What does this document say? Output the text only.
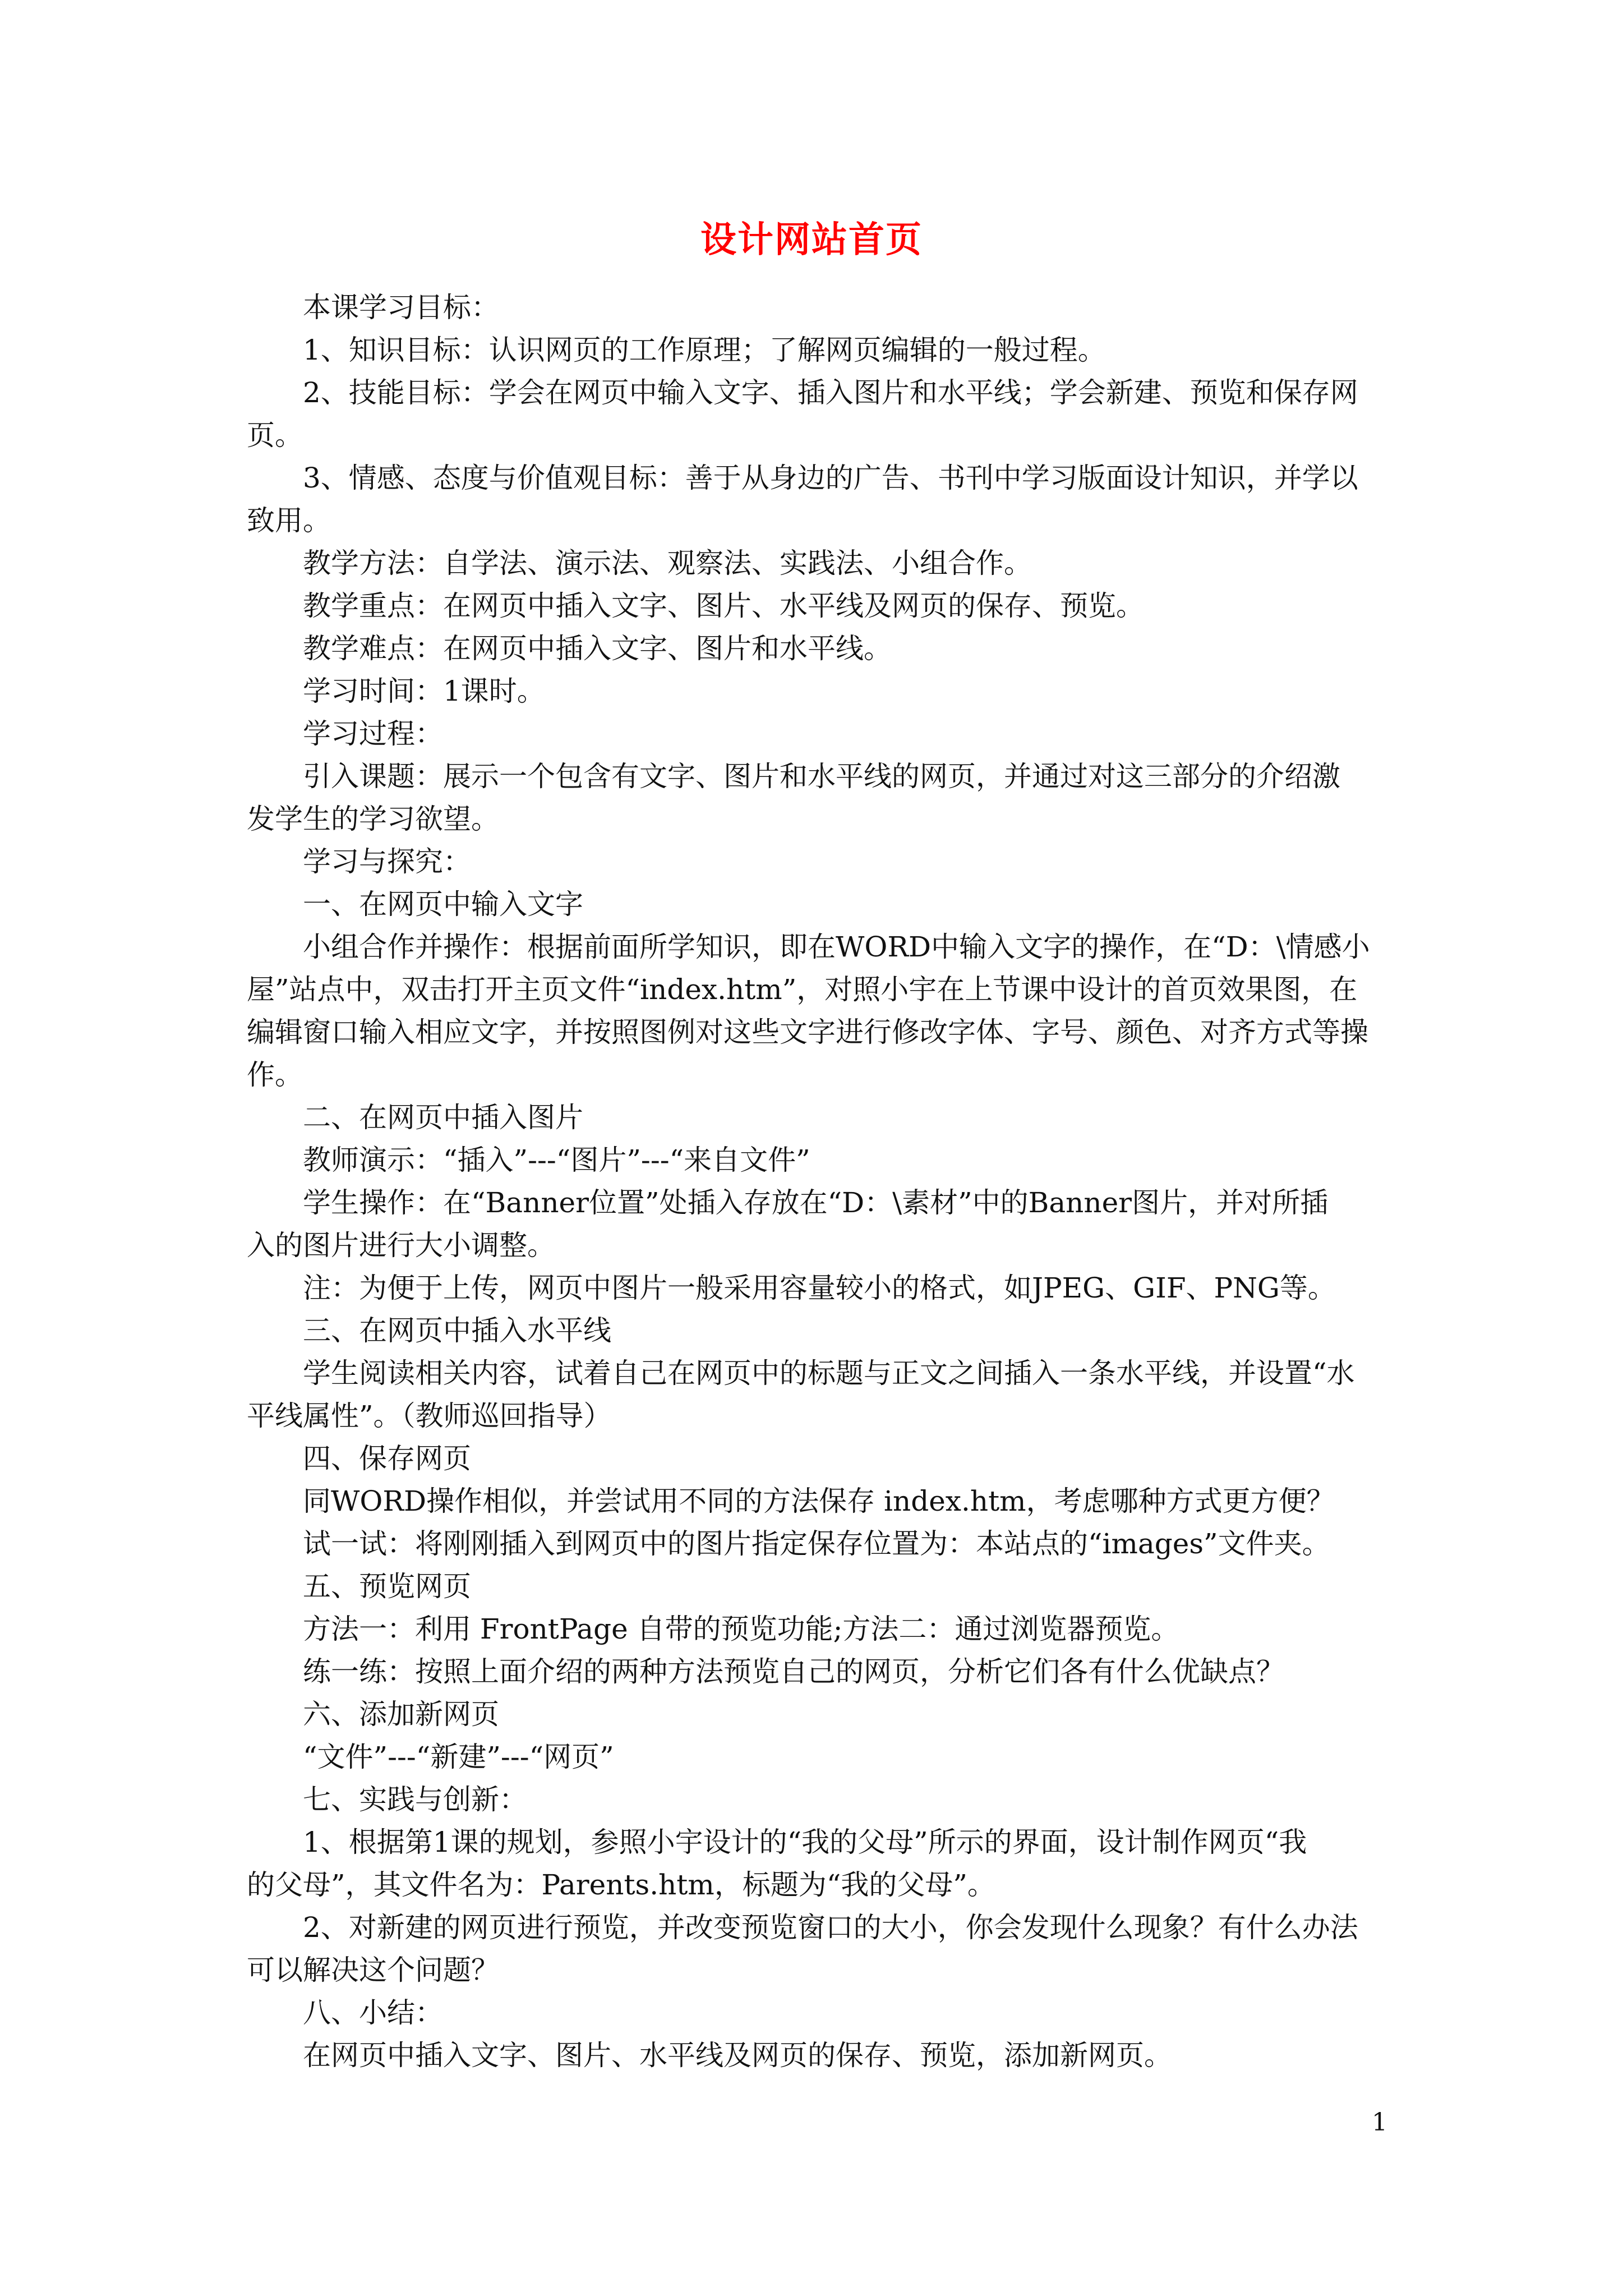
设计网站首页
本课学习目标：
1、知识目标：认识网页的工作原理；了解网页编辑的一般过程。
2、技能目标：学会在网页中输入文字、插入图片和水平线；学会新建、预览和保存网
页。
3、情感、态度与价值观目标：善于从身边的广告、书刊中学习版面设计知识，并学以
致用。
教学方法：自学法、演示法、观察法、实践法、小组合作。
教学重点：在网页中插入文字、图片、水平线及网页的保存、预览。
教学难点：在网页中插入文字、图片和水平线。
学习时间：1课时。
学习过程：
引入课题：展示一个包含有文字、图片和水平线的网页，并通过对这三部分的介绍激
发学生的学习欲望。
学习与探究：
一、在网页中输入文字
小组合作并操作：根据前面所学知识，即在WORD中输入文字的操作，在“D：\情感小
屋”站点中，双击打开主页文件“index.htm”，对照小宇在上节课中设计的首页效果图，在
编辑窗口输入相应文字，并按照图例对这些文字进行修改字体、字号、颜色、对齐方式等操
作。
二、在网页中插入图片
教师演示：“插入”---“图片”---“来自文件”
学生操作：在“Banner位置”处插入存放在“D：\素材”中的Banner图片，并对所插
入的图片进行大小调整。
注：为便于上传，网页中图片一般采用容量较小的格式，如JPEG、GIF、PNG等。
三、在网页中插入水平线
学生阅读相关内容，试着自己在网页中的标题与正文之间插入一条水平线，并设置“水
平线属性”。（教师巡回指导）
四、保存网页
同WORD操作相似，并尝试用不同的方法保存 index.htm，考虑哪种方式更方便？
试一试：将刚刚插入到网页中的图片指定保存位置为：本站点的“images”文件夹。
五、预览网页
方法一：利用 FrontPage 自带的预览功能;方法二：通过浏览器预览。
练一练：按照上面介绍的两种方法预览自己的网页，分析它们各有什么优缺点？
六、添加新网页
“文件”---“新建”---“网页”
七、实践与创新：
1、根据第1课的规划，参照小宇设计的“我的父母”所示的界面，设计制作网页“我
的父母”，其文件名为：Parents.htm，标题为“我的父母”。
2、对新建的网页进行预览，并改变预览窗口的大小，你会发现什么现象？有什么办法
可以解决这个问题？
八、小结：
在网页中插入文字、图片、水平线及网页的保存、预览，添加新网页。
1
